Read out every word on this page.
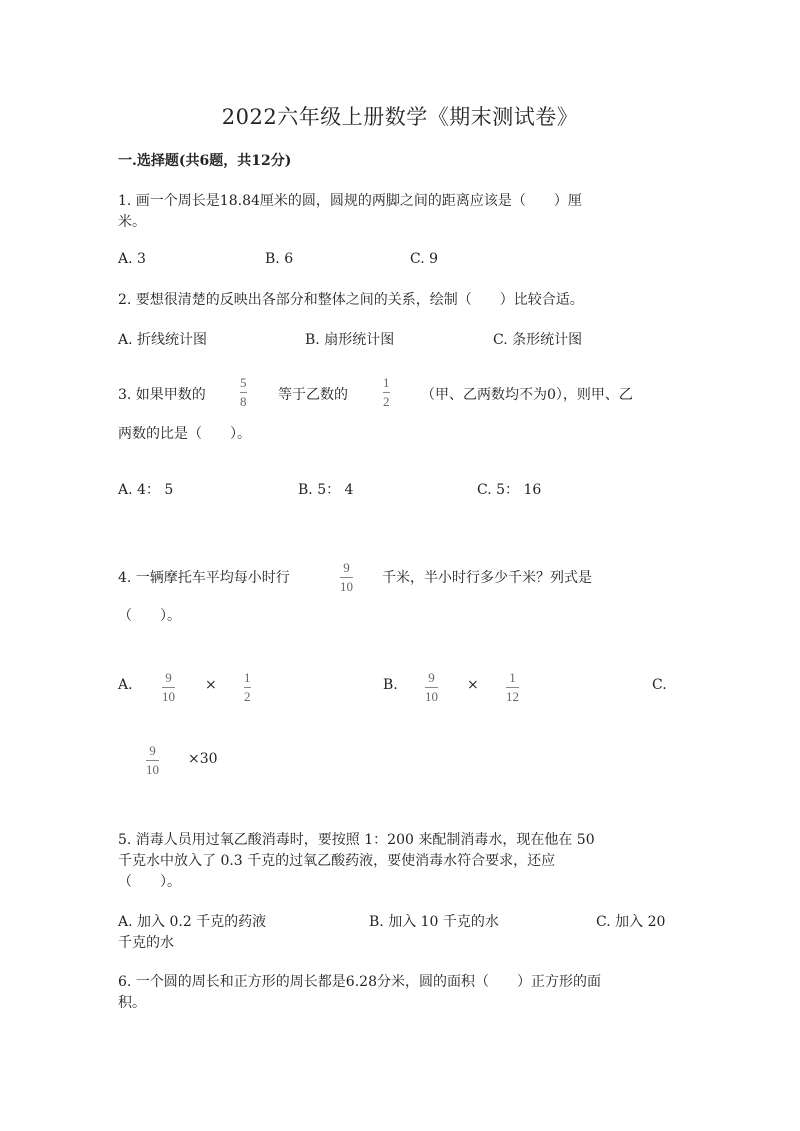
2022六年级上册数学《期末测试卷》
一.选择题(共6题，共12分)
1. 画一个周长是18.84厘米的圆，圆规的两脚之间的距离应该是（　　）厘
米。
A. 3	B. 6	C. 9
2. 要想很清楚的反映出各部分和整体之间的关系，绘制（　　）比较合适。
A. 折线统计图	B. 扇形统计图	C. 条形统计图
3. 如果甲数的
5
8 等于乙数的
1
2 （甲、乙两数均不为0），则甲、乙
两数的比是（　　）。
A. 4： 5	B. 5： 4	C. 5： 16
4. 一辆摩托车平均每小时行
9
10
千米，半小时行多少千米？列式是
（　　）。
A.	9
10
× 1
2
B. 9
10
× 1
12
C.
9
10
×30
5. 消毒人员用过氧乙酸消毒时，要按照 1：200 来配制消毒水，现在他在 50
千克水中放入了 0.3 千克的过氧乙酸药液，要使消毒水符合要求，还应
（　　）。
A. 加入 0.2 千克的药液	B. 加入 10 千克的水	C. 加入 20
千克的水
6. 一个圆的周长和正方形的周长都是6.28分米，圆的面积（　　）正方形的面
积。
